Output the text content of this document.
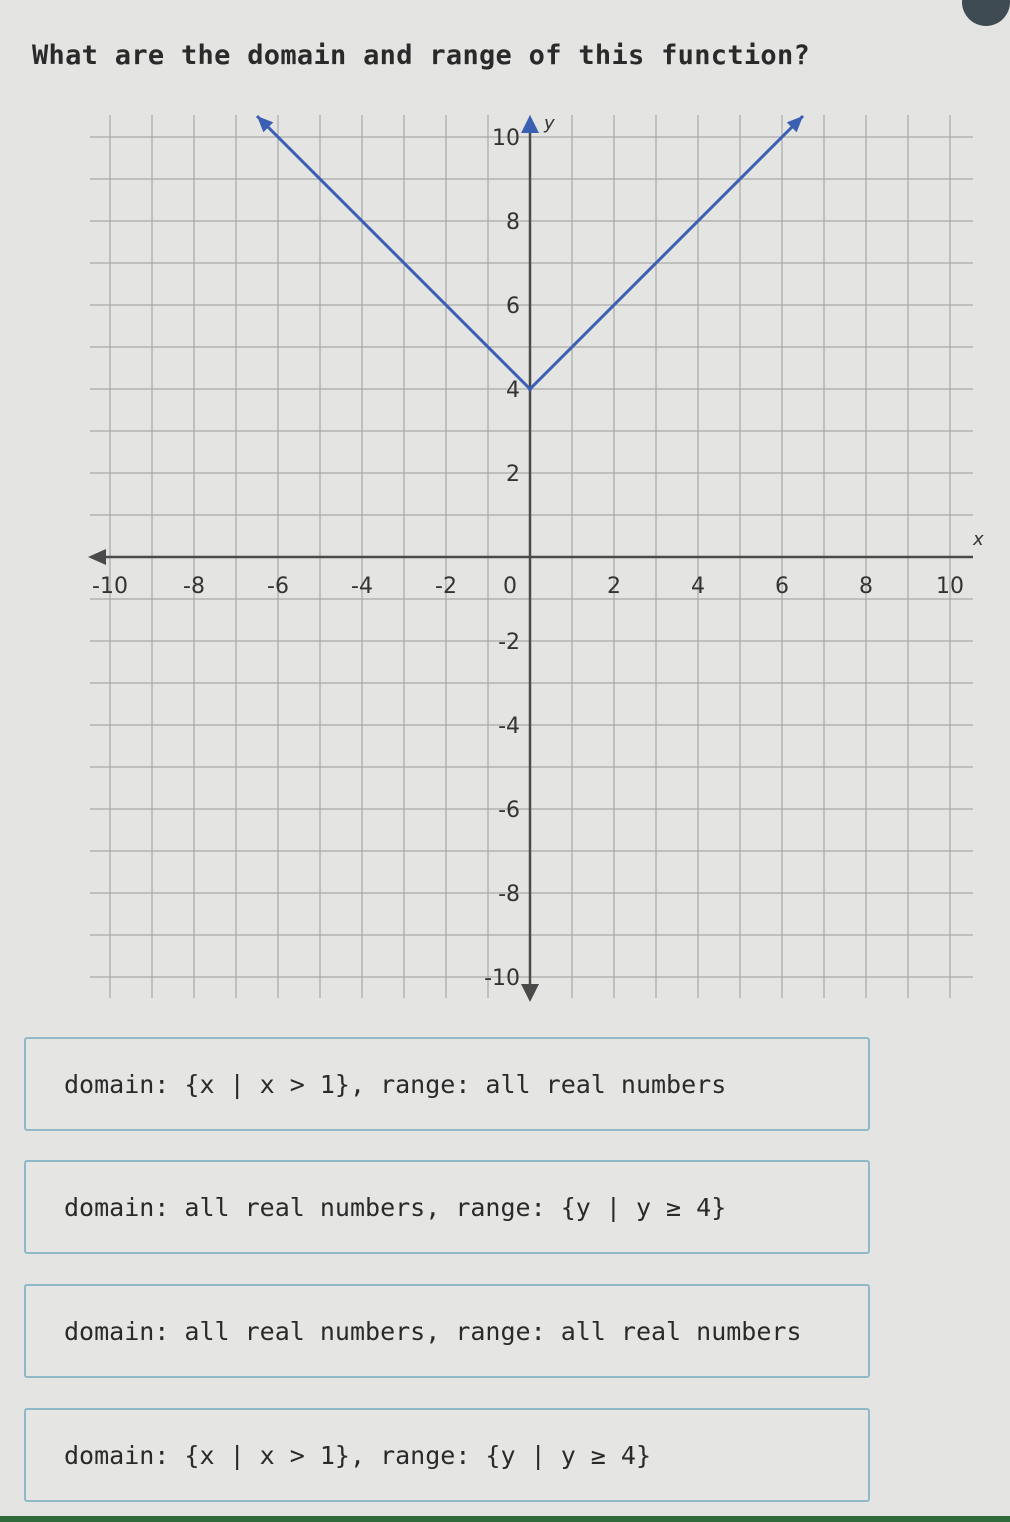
What are the domain and range of this function?
x
y
-10	-8	-6	-4	-2 0	2	4	6	8	10
10
8
6
4
2
-2
-4
-6
-8
-10
domain: {x | x > 1}, range: all real numbers
domain: all real numbers, range: {y | y ≥ 4}
domain: all real numbers, range: all real numbers
domain: {x | x > 1}, range: {y | y ≥ 4}
